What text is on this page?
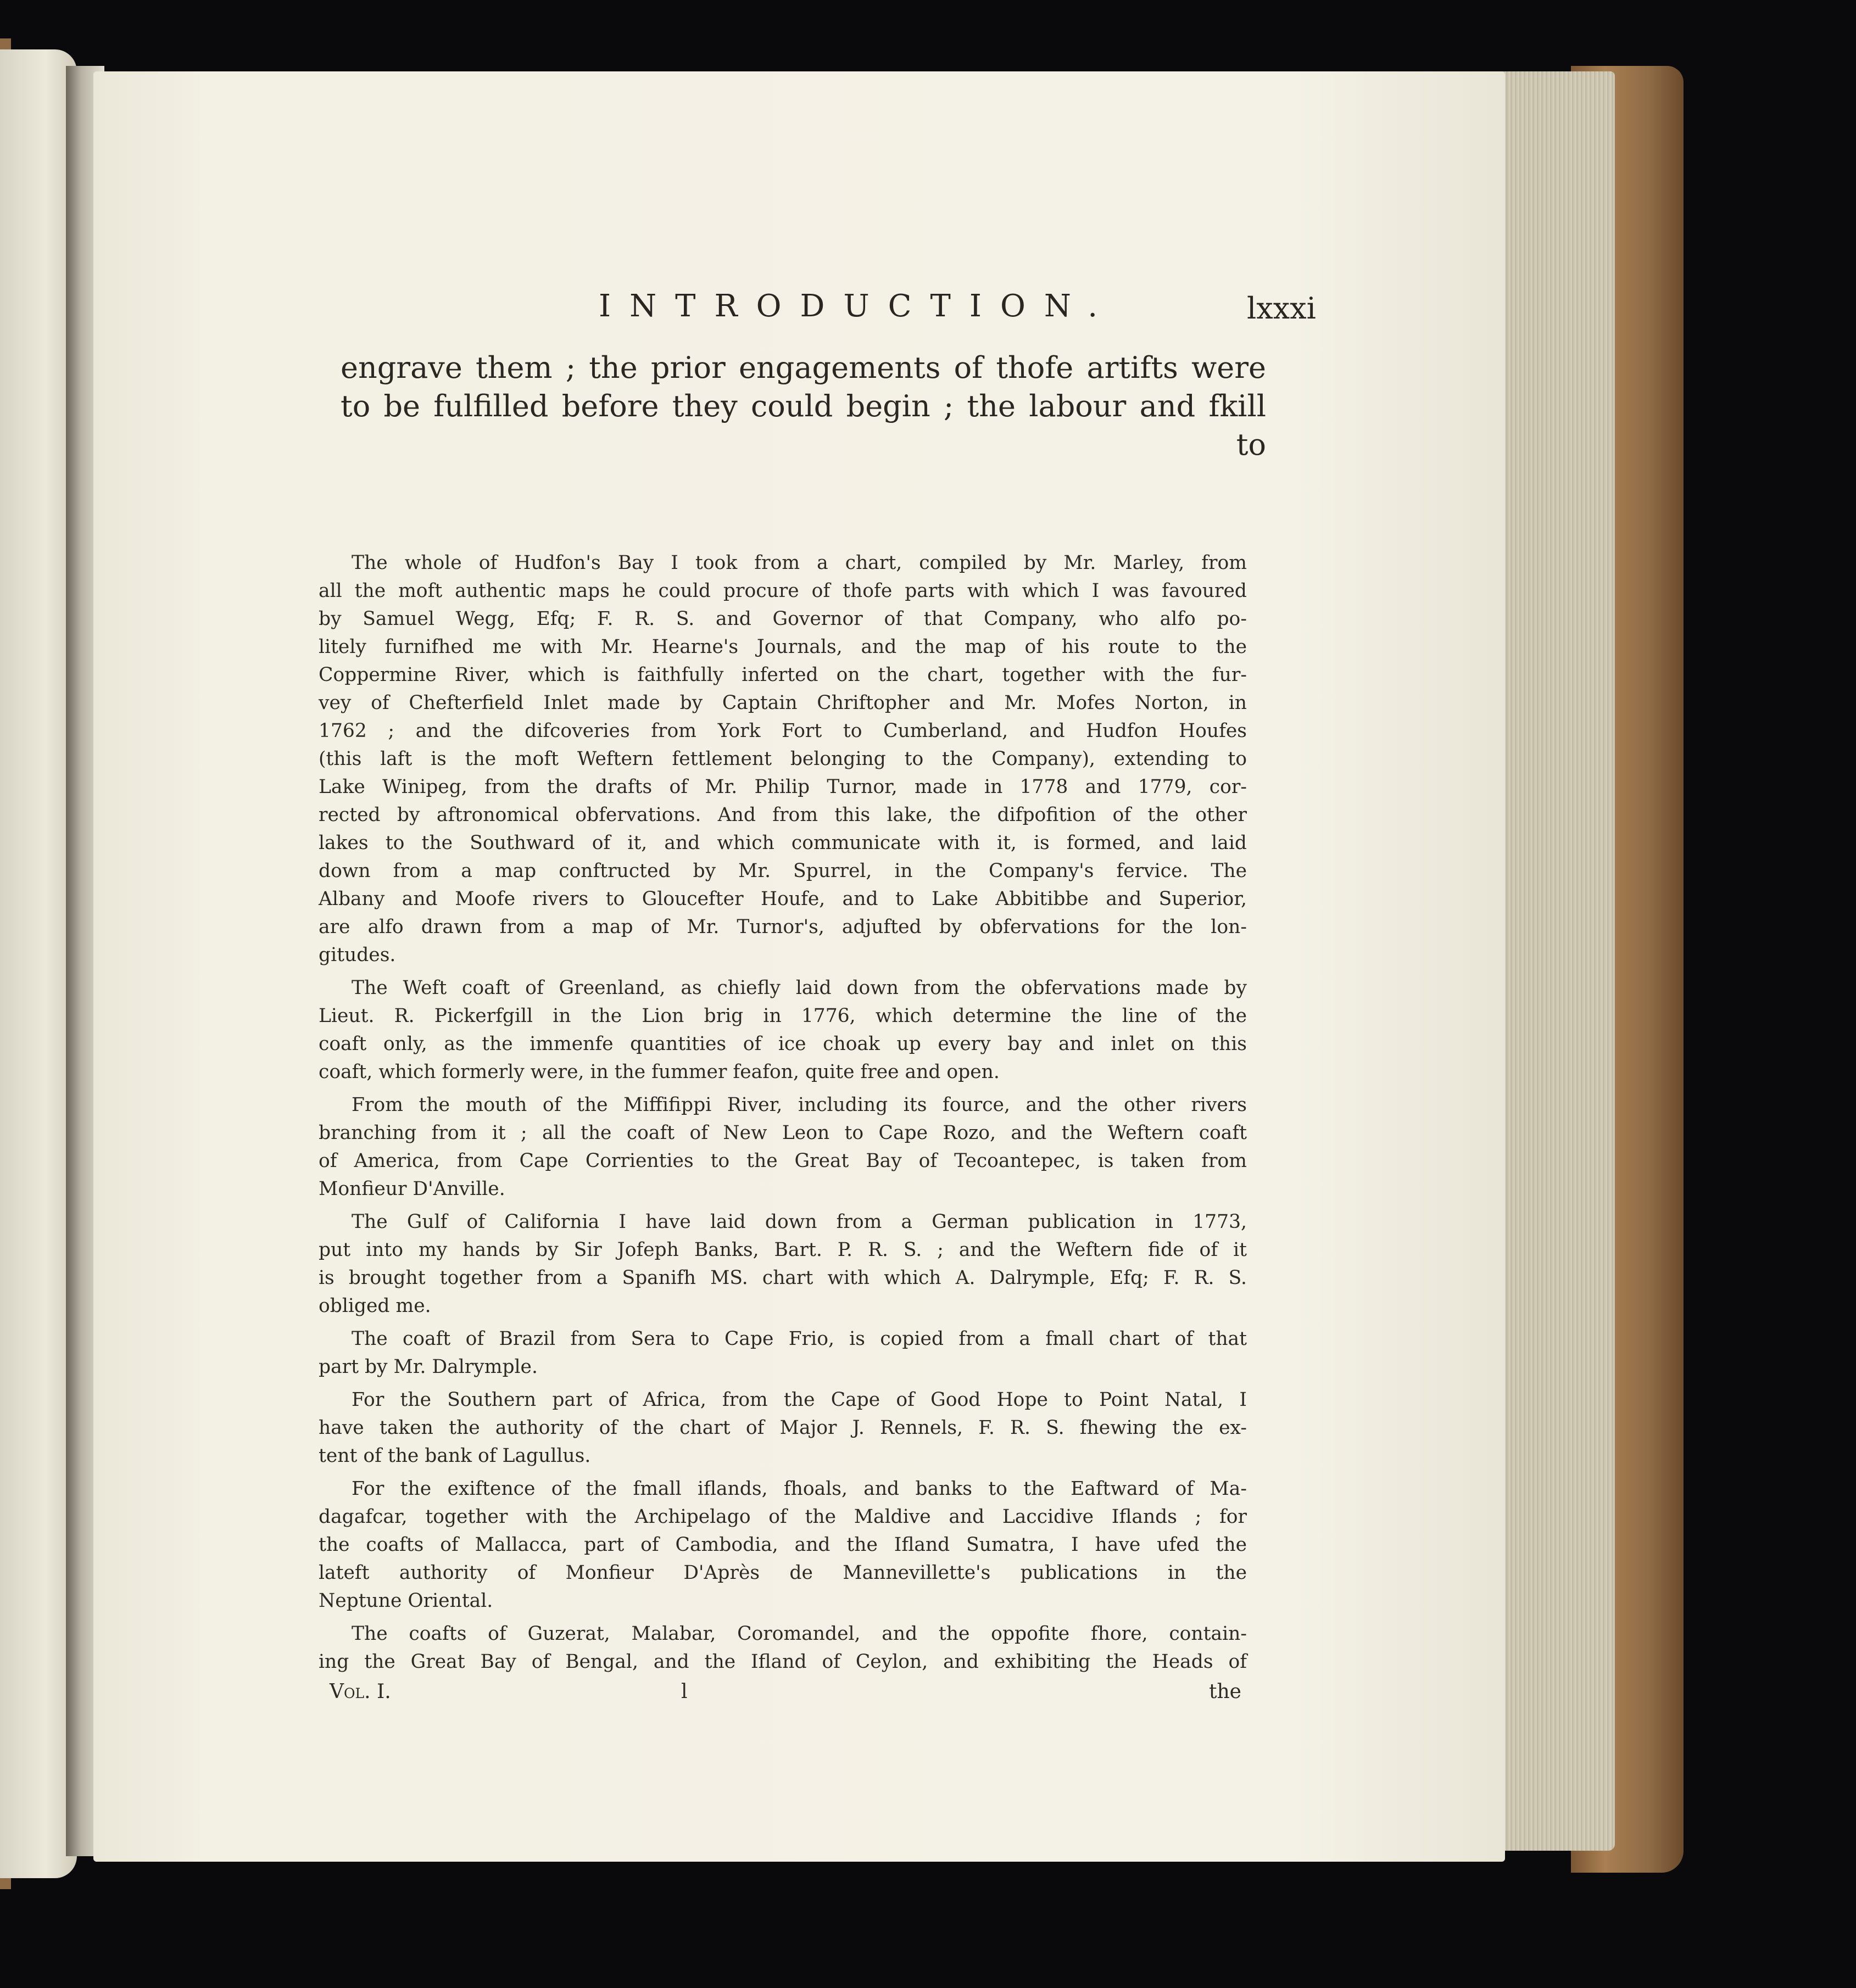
INTRODUCTION.	lxxxi
engrave them ; the prior engagements of thofe artifts were
to be fulfilled before they could begin ; the labour and fkill
to
The whole of Hudfon's Bay I took from a chart, compiled by Mr. Marley, from
all the moft authentic maps he could procure of thofe parts with which I was favoured
by Samuel Wegg, Efq; F. R. S. and Governor of that Company, who alfo po-
litely furnifhed me with Mr. Hearne's Journals, and the map of his route to the
Coppermine River, which is faithfully inferted on the chart, together with the fur-
vey of Chefterfield Inlet made by Captain Chriftopher and Mr. Mofes Norton, in
1762 ; and the difcoveries from York Fort to Cumberland, and Hudfon Houfes
(this laft is the moft Weftern fettlement belonging to the Company), extending to
Lake Winipeg, from the drafts of Mr. Philip Turnor, made in 1778 and 1779, cor-
rected by aftronomical obfervations. And from this lake, the difpofition of the other
lakes to the Southward of it, and which communicate with it, is formed, and laid
down from a map conftructed by Mr. Spurrel, in the Company's fervice. The
Albany and Moofe rivers to Gloucefter Houfe, and to Lake Abbitibbe and Superior,
are alfo drawn from a map of Mr. Turnor's, adjufted by obfervations for the lon-
gitudes.
The Weft coaft of Greenland, as chiefly laid down from the obfervations made by
Lieut. R. Pickerfgill in the Lion brig in 1776, which determine the line of the
coaft only, as the immenfe quantities of ice choak up every bay and inlet on this
coaft, which formerly were, in the fummer feafon, quite free and open.
From the mouth of the Miffifippi River, including its fource, and the other rivers
branching from it ; all the coaft of New Leon to Cape Rozo, and the Weftern coaft
of America, from Cape Corrienties to the Great Bay of Tecoantepec, is taken from
Monfieur D'Anville.
The Gulf of California I have laid down from a German publication in 1773,
put into my hands by Sir Jofeph Banks, Bart. P. R. S. ; and the Weftern fide of it
is brought together from a Spanifh MS. chart with which A. Dalrymple, Efq; F. R. S.
obliged me.
The coaft of Brazil from Sera to Cape Frio, is copied from a fmall chart of that
part by Mr. Dalrymple.
For the Southern part of Africa, from the Cape of Good Hope to Point Natal, I
have taken the authority of the chart of Major J. Rennels, F. R. S. fhewing the ex-
tent of the bank of Lagullus.
For the exiftence of the fmall iflands, fhoals, and banks to the Eaftward of Ma-
dagafcar, together with the Archipelago of the Maldive and Laccidive Iflands ; for
the coafts of Mallacca, part of Cambodia, and the Ifland Sumatra, I have ufed the
lateft authority of Monfieur D'Après de Mannevillette's publications in the
Neptune Oriental.
The coafts of Guzerat, Malabar, Coromandel, and the oppofite fhore, contain-
ing the Great Bay of Bengal, and the Ifland of Ceylon, and exhibiting the Heads of
Vol. I.	l	the
